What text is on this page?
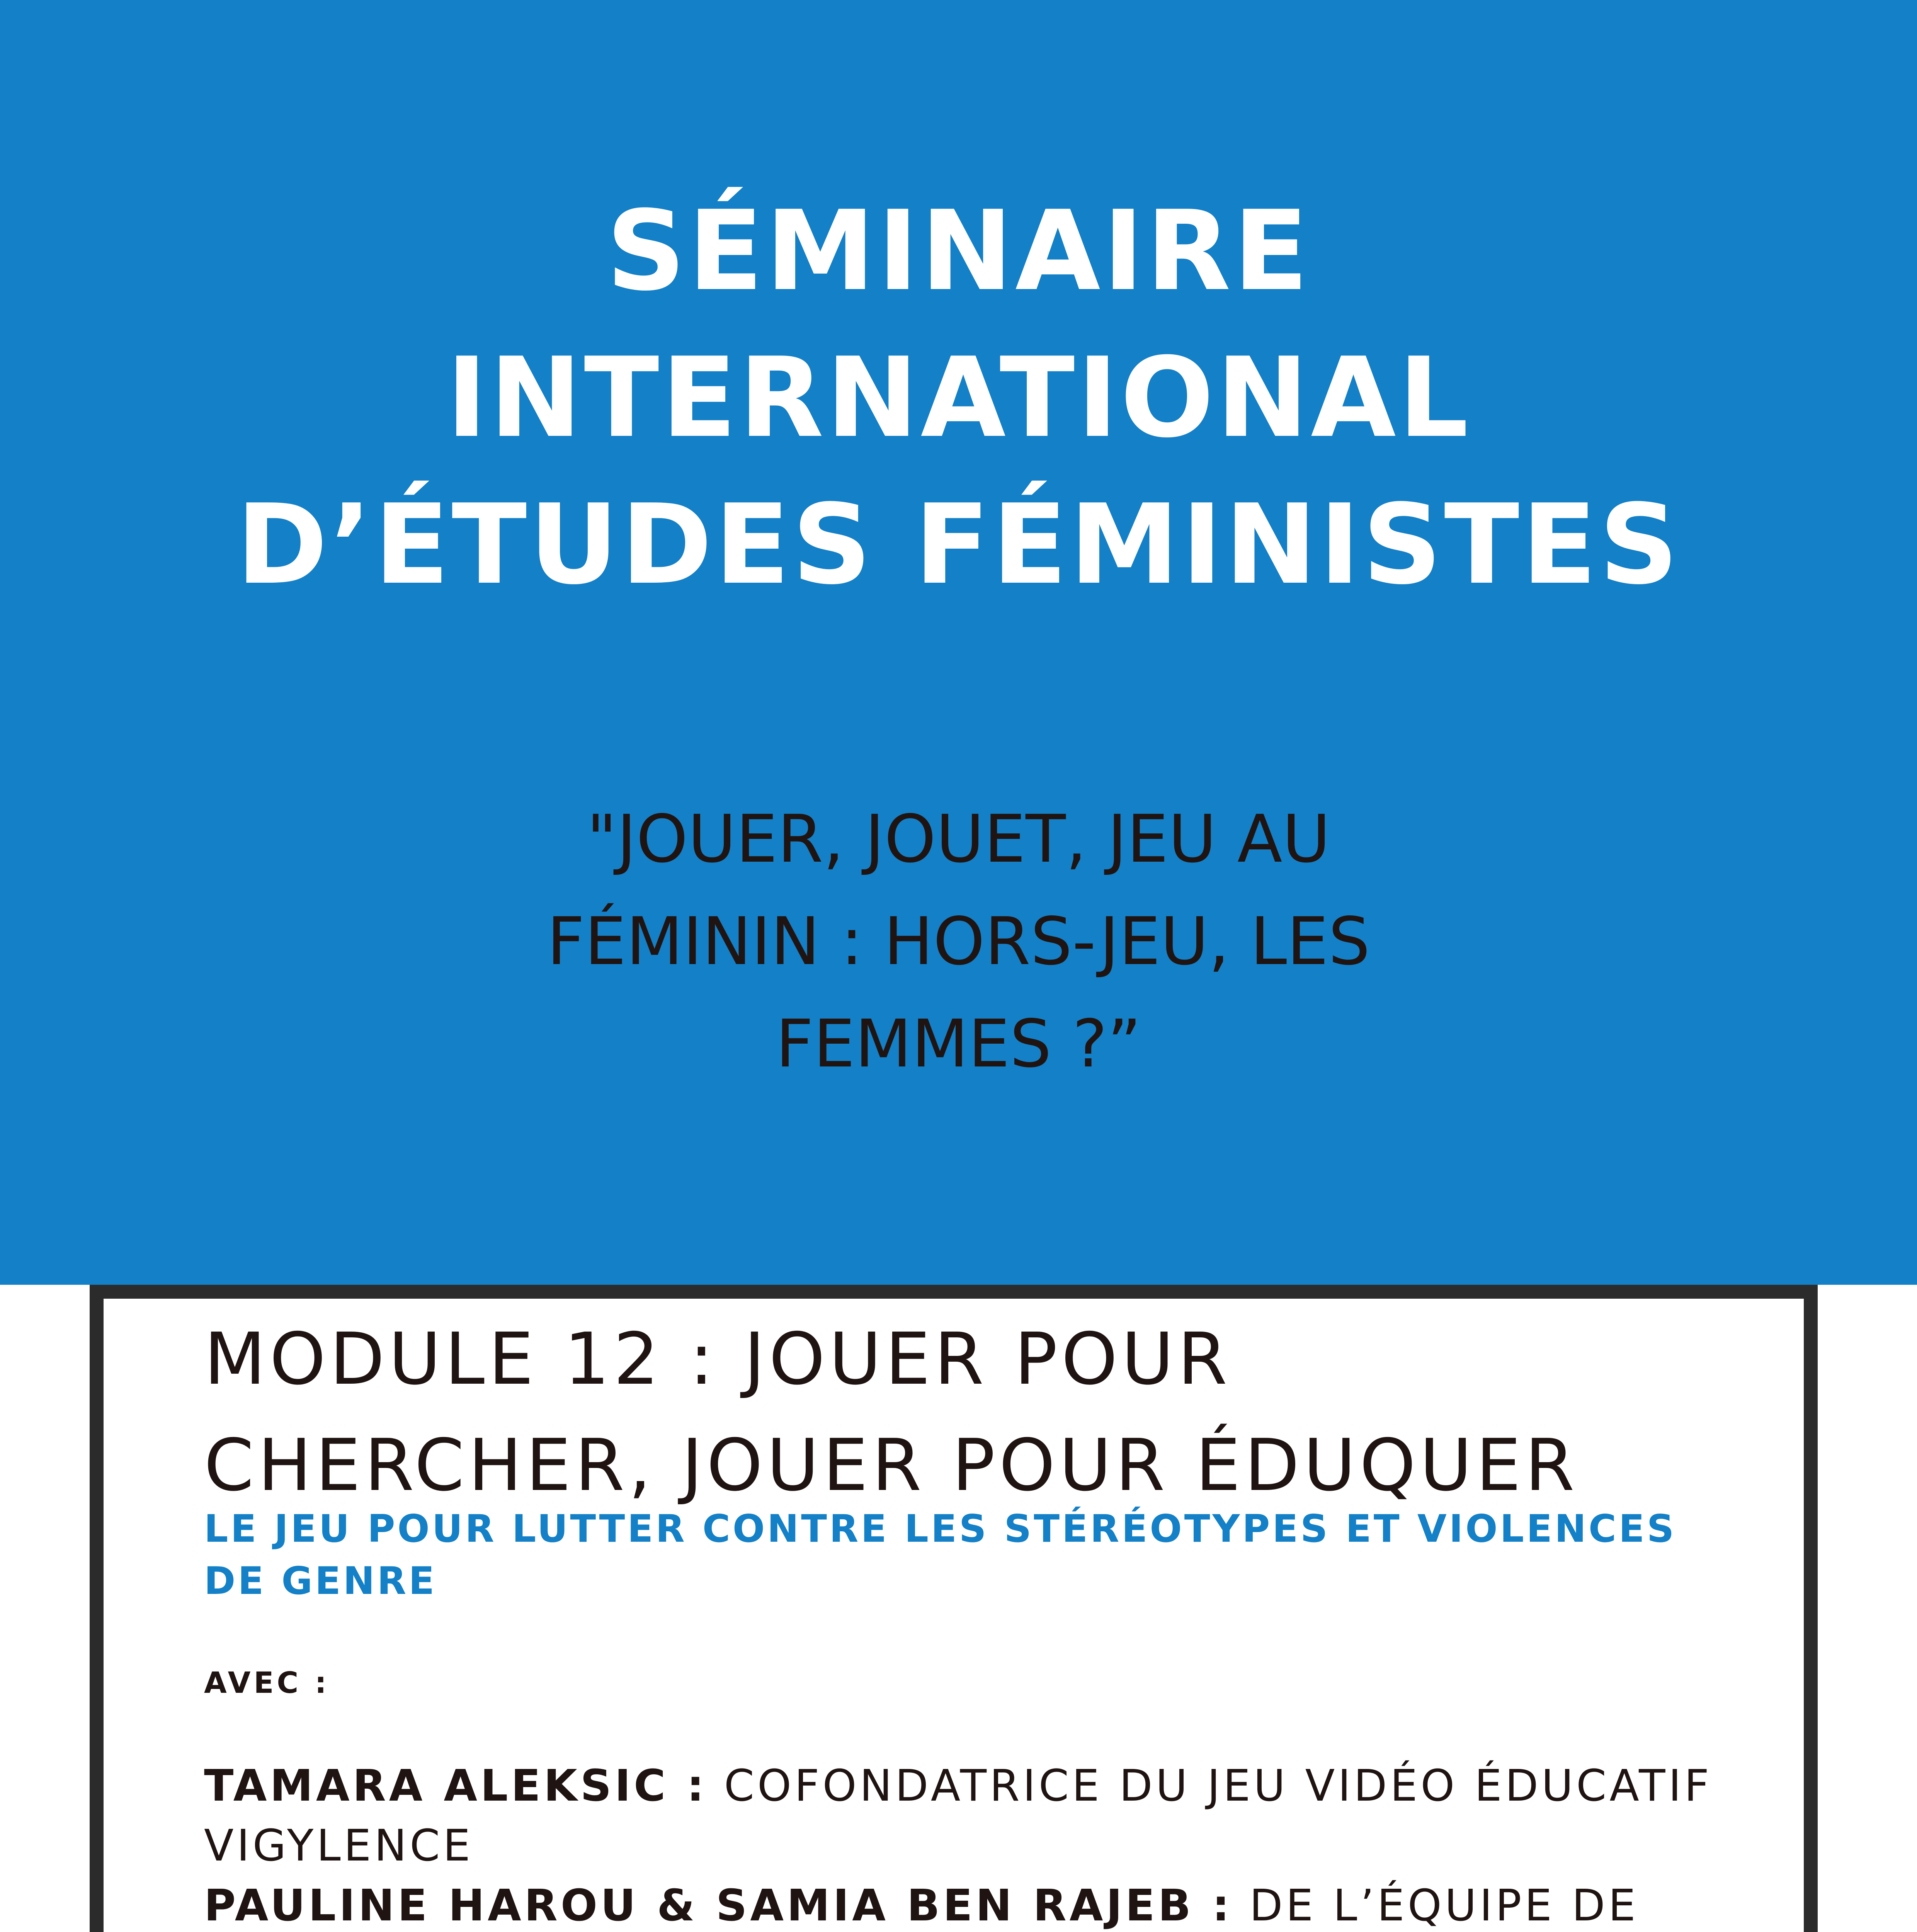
SÉMINAIRE
INTERNATIONAL
D’ÉTUDES FÉMINISTES

"JOUER, JOUET, JEU AU
FÉMININ : HORS-JEU, LES
FEMMES ?”

MODULE 12 : JOUER POUR
CHERCHER, JOUER POUR ÉDUQUER

LE JEU POUR LUTTER CONTRE LES STÉRÉOTYPES ET VIOLENCES DE GENRE

AVEC :

TAMARA ALEKSIC : COFONDATRICE DU JEU VIDÉO ÉDUCATIF VIGYLENCE

PAULINE HAROU & SAMIA BEN RAJEB : DE L’ÉQUIPE DE
